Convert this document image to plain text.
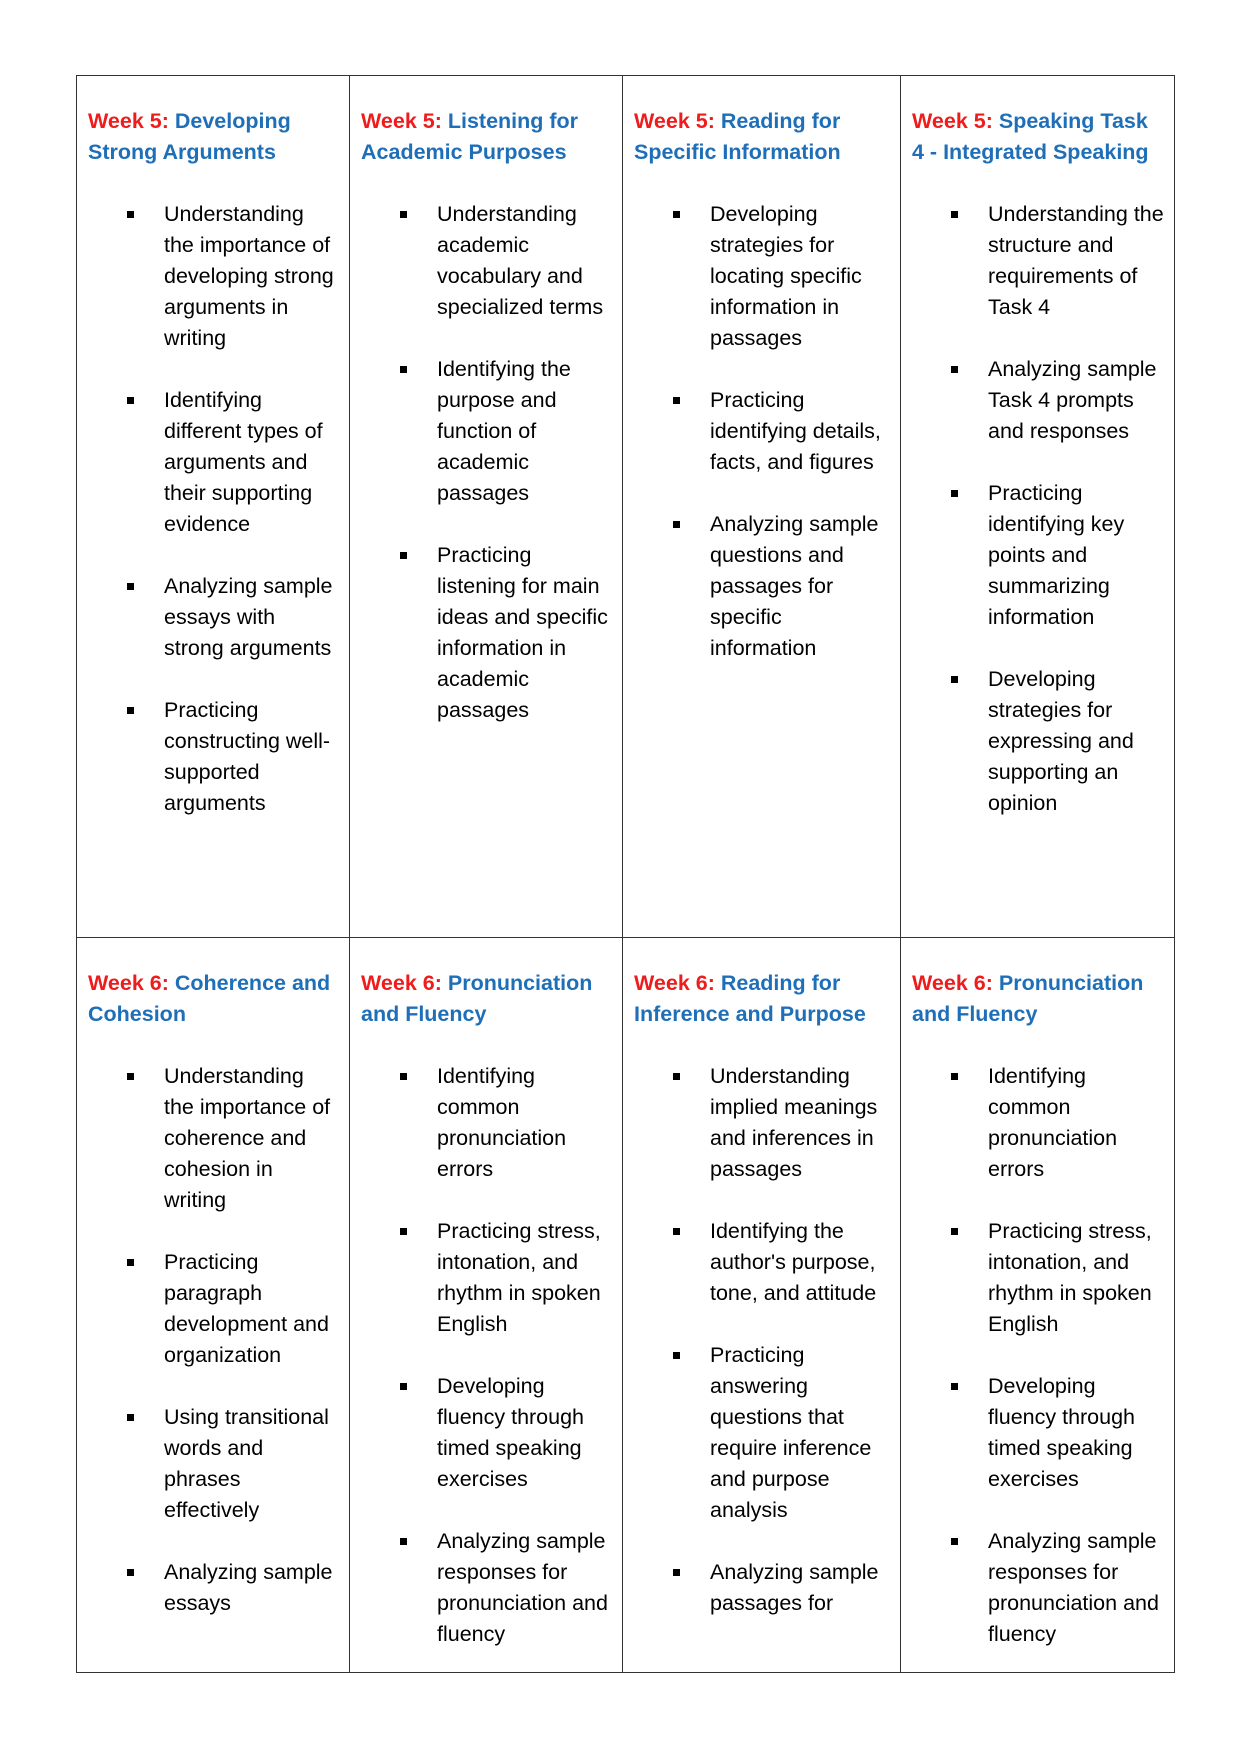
Week 5: Developing Strong Arguments

Understanding the importance of developing strong arguments in writing
Identifying different types of arguments and their supporting evidence
Analyzing sample essays with strong arguments
Practicing constructing well-supported arguments

Week 5: Listening for Academic Purposes

Understanding academic vocabulary and specialized terms
Identifying the purpose and function of academic passages
Practicing listening for main ideas and specific information in academic passages

Week 5: Reading for Specific Information

Developing strategies for locating specific information in passages
Practicing identifying details, facts, and figures
Analyzing sample questions and passages for specific information

Week 5: Speaking Task 4 - Integrated Speaking

Understanding the structure and requirements of Task 4
Analyzing sample Task 4 prompts and responses
Practicing identifying key points and summarizing information
Developing strategies for expressing and supporting an opinion

Week 6: Coherence and Cohesion

Understanding the importance of coherence and cohesion in writing
Practicing paragraph development and organization
Using transitional words and phrases effectively
Analyzing sample essays

Week 6: Pronunciation and Fluency

Identifying common pronunciation errors
Practicing stress, intonation, and rhythm in spoken English
Developing fluency through timed speaking exercises
Analyzing sample responses for pronunciation and fluency

Week 6: Reading for Inference and Purpose

Understanding implied meanings and inferences in passages
Identifying the author's purpose, tone, and attitude
Practicing answering questions that require inference and purpose analysis
Analyzing sample passages for

Week 6: Pronunciation and Fluency

Identifying common pronunciation errors
Practicing stress, intonation, and rhythm in spoken English
Developing fluency through timed speaking exercises
Analyzing sample responses for pronunciation and fluency
